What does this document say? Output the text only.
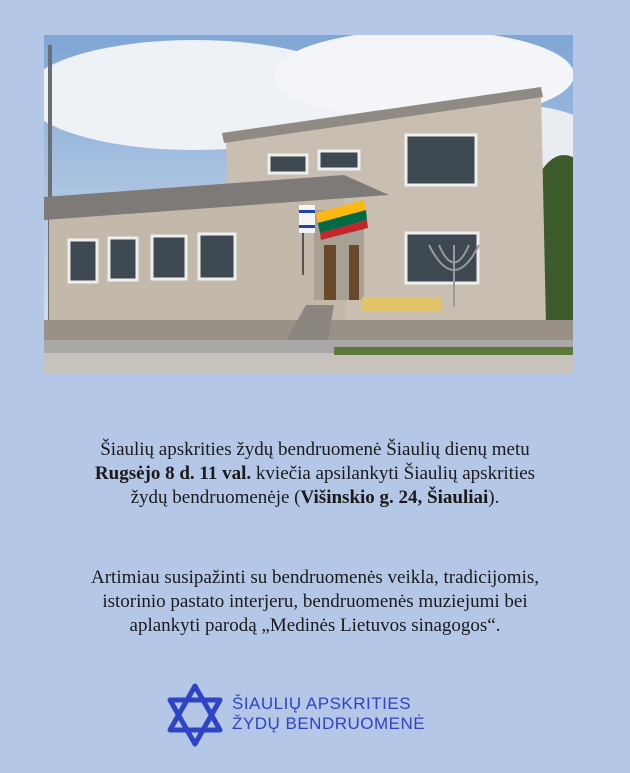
Šiaulių apskrities žydų bendruomenė Šiaulių dienų metu
Rugsėjo 8 d. 11 val. kviečia apsilankyti Šiaulių apskrities
žydų bendruomenėje (Višinskio g. 24, Šiauliai).

Artimiau susipažinti su bendruomenės veikla, tradicijomis,
istorinio pastato interjeru, bendruomenės muziejumi bei
aplankyti parodą „Medinės Lietuvos sinagogos“.

ŠIAULIŲ APSKRITIES
ŽYDŲ BENDRUOMENĖ
